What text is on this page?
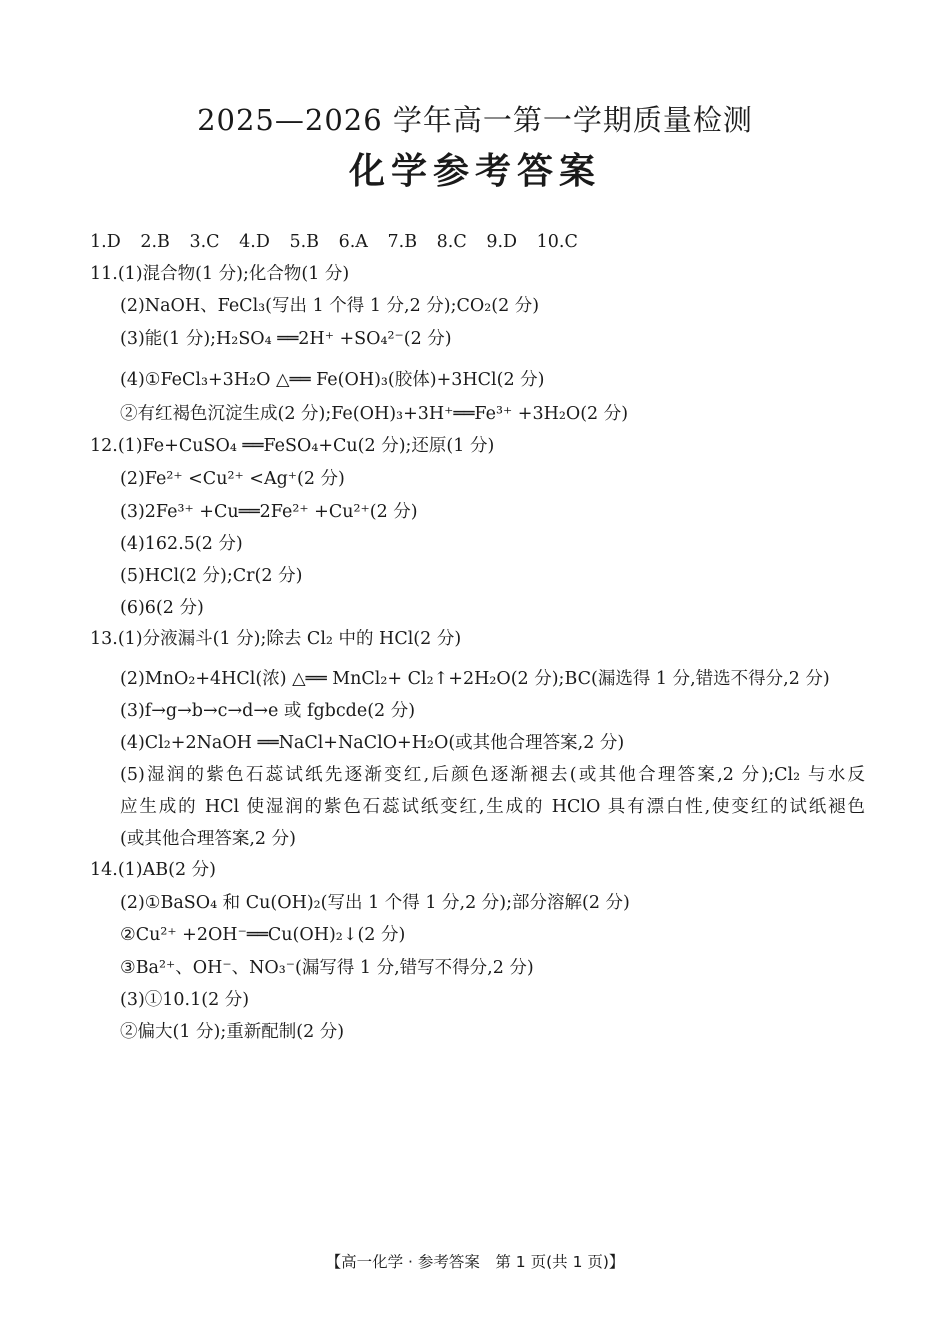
2025—2026 学年高一第一学期质量检测
化学参考答案
1.D 2.B 3.C 4.D 5.B 6.A 7.B 8.C 9.D 10.C
11.(1)混合物(1 分);化合物(1 分)
(2)NaOH、FeCl₃(写出 1 个得 1 分,2 分);CO₂(2 分)
(3)能(1 分);H₂SO₄ ══2H⁺ +SO₄²⁻(2 分)
(4)①FeCl₃+3H₂O △══ Fe(OH)₃(胶体)+3HCl(2 分)
②有红褐色沉淀生成(2 分);Fe(OH)₃+3H⁺══Fe³⁺ +3H₂O(2 分)
12.(1)Fe+CuSO₄ ══FeSO₄+Cu(2 分);还原(1 分)
(2)Fe²⁺ <Cu²⁺ <Ag⁺(2 分)
(3)2Fe³⁺ +Cu══2Fe²⁺ +Cu²⁺(2 分)
(4)162.5(2 分)
(5)HCl(2 分);Cr(2 分)
(6)6(2 分)
13.(1)分液漏斗(1 分);除去 Cl₂ 中的 HCl(2 分)
(2)MnO₂+4HCl(浓) △══ MnCl₂+ Cl₂↑+2H₂O(2 分);BC(漏选得 1 分,错选不得分,2 分)
(3)f→g→b→c→d→e 或 fgbcde(2 分)
(4)Cl₂+2NaOH ══NaCl+NaClO+H₂O(或其他合理答案,2 分)
(5)湿润的紫色石蕊试纸先逐渐变红,后颜色逐渐褪去(或其他合理答案,2 分);Cl₂ 与水反
应生成的 HCl 使湿润的紫色石蕊试纸变红,生成的 HClO 具有漂白性,使变红的试纸褪色
(或其他合理答案,2 分)
14.(1)AB(2 分)
(2)①BaSO₄ 和 Cu(OH)₂(写出 1 个得 1 分,2 分);部分溶解(2 分)
②Cu²⁺ +2OH⁻══Cu(OH)₂↓(2 分)
③Ba²⁺、OH⁻、NO₃⁻(漏写得 1 分,错写不得分,2 分)
(3)①10.1(2 分)
②偏大(1 分);重新配制(2 分)
【高一化学 · 参考答案　第 1 页(共 1 页)】
